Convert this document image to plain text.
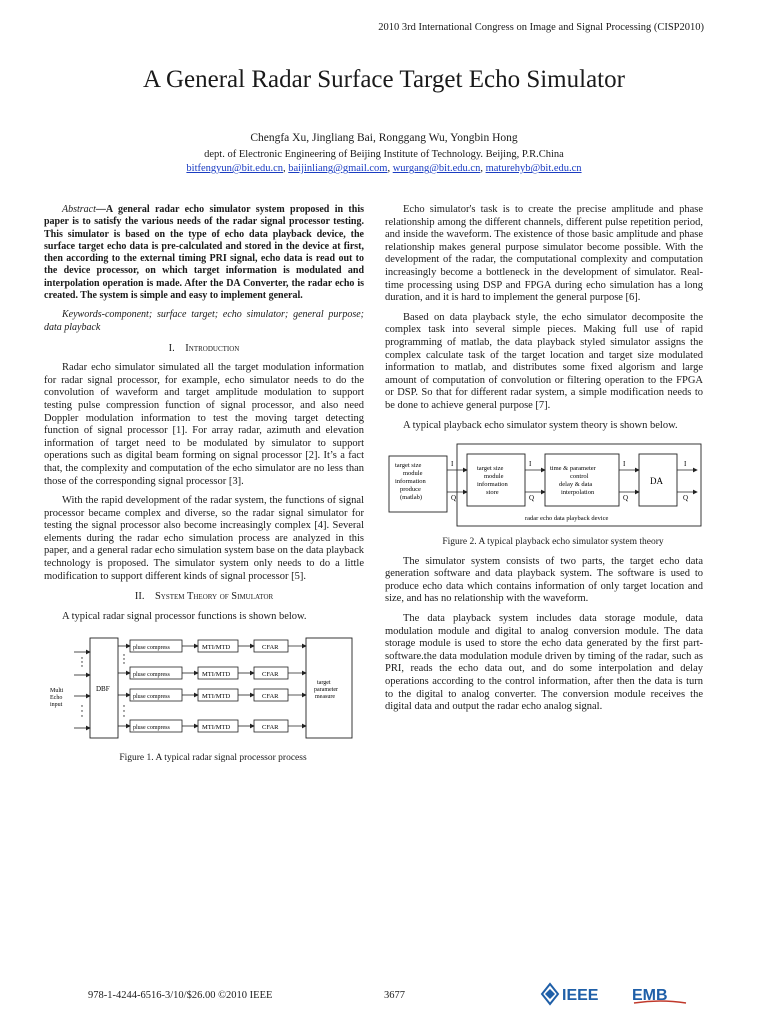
2010 3rd International Congress on Image and Signal Processing (CISP2010)
A General Radar Surface Target Echo Simulator
Chengfa Xu, Jingliang Bai, Ronggang Wu, Yongbin Hong
dept. of Electronic Engineering of Beijing Institute of Technology. Beijing, P.R.China
bitfengyun@bit.edu.cn, baijinliang@gmail.com, wurgang@bit.edu.cn, maturehyb@bit.edu.cn

Abstract—A general radar echo simulator system proposed in this paper is to satisfy the various needs of the radar signal processor testing. This simulator is based on the type of echo data playback device, the surface target echo data is pre-calculated and stored in the device at first, then according to the external timing PRI signal, echo data is read out to the device processor, on which target information is modulated and interpolation operation is made. After the DA Converter, the radar echo is created. The system is simple and easy to implement general.

Keywords-component; surface target; echo simulator; general purpose; data playback

I. Introduction

Radar echo simulator simulated all the target modulation information for radar signal processor, for example, echo simulator needs to do the convolution of waveform and target amplitude modulation to support testing pulse compression function of signal processor, and also need Doppler modulation information to test the moving target detecting function of signal processor [1]. For array radar, azimuth and elevation information of target need to be modulated by simulator to support operations such as digital beam forming on signal processor [2]. It’s a fact that, the complexity and computation of the echo simulator are no less than those of the corresponding signal processor [3].

With the rapid development of the radar system, the functions of signal processor became complex and diverse, so the radar signal simulator for testing the signal processor also become increasingly complex [4]. Several elements during the radar echo simulation process are analyzed in this paper, and a general radar echo simulation system base on the data playback technology is proposed. The simulator system only needs to do a little modification to support different kinds of signal processor [5].

II. System Theory of Simulator

A typical radar signal processor functions is shown below.

Multi
Echo
input
DBF
pluse compress	MTI/MTD	CFAR
pluse compress	MTI/MTD	CFAR
pluse compress	MTI/MTD	CFAR
pluse compress	MTI/MTD	CFAR
target
parameter
measure

Figure 1. A typical radar signal processor process

Echo simulator's task is to create the precise amplitude and phase relationship among the different channels, different pulse repetition period, and inside the waveform. The existence of those basic amplitude and phase relationship makes general purpose simulator become possible. With the development of the radar, the computational complexity and computation increasingly become a bottleneck in the development of simulator. Real-time processing using DSP and FPGA during echo simulation has a long duration, and it is hard to implement the general purpose [6].

Based on data playback style, the echo simulator decomposite the complex task into several simple pieces. Making full use of rapid programming of matlab, the data playback styled simulator assigns the complex calculate task of the target location and target size modulated information to matlab, and distributes some fixed algorism and large amount of computation of convolution or filtering operation to the FPGA or DSP. So that for different radar system, a simple modification needs to be done to achieve general purpose [7].

A typical playback echo simulator system theory is shown below.

target size
module
information
produce
(matlab)
I
Q
target size
module
information
store
I
Q
time & parameter
control
delay & data
interpolation
I
Q
DA
I
Q
radar echo data playback device

Figure 2. A typical playback echo simulator system theory

The simulator system consists of two parts, the target echo data generation software and data playback system. The software is used to produce echo data which contains information of only target location and size, and has no relationship with the waveform.

The data playback system includes data storage module, data modulation module and digital to analog conversion module. The data storage module is used to store the echo data generated by the first part-software.the data modulation module driven by timing of the radar, such as PRI, reads the echo data out, and do some interpolation and delay operations according to the control information, after then the data is turn to the digital to analog converter. The conversion module receives the digital data and output the radar echo analog signal.

978-1-4244-6516-3/10/$26.00 ©2010 IEEE	3677	IEEE EMB
